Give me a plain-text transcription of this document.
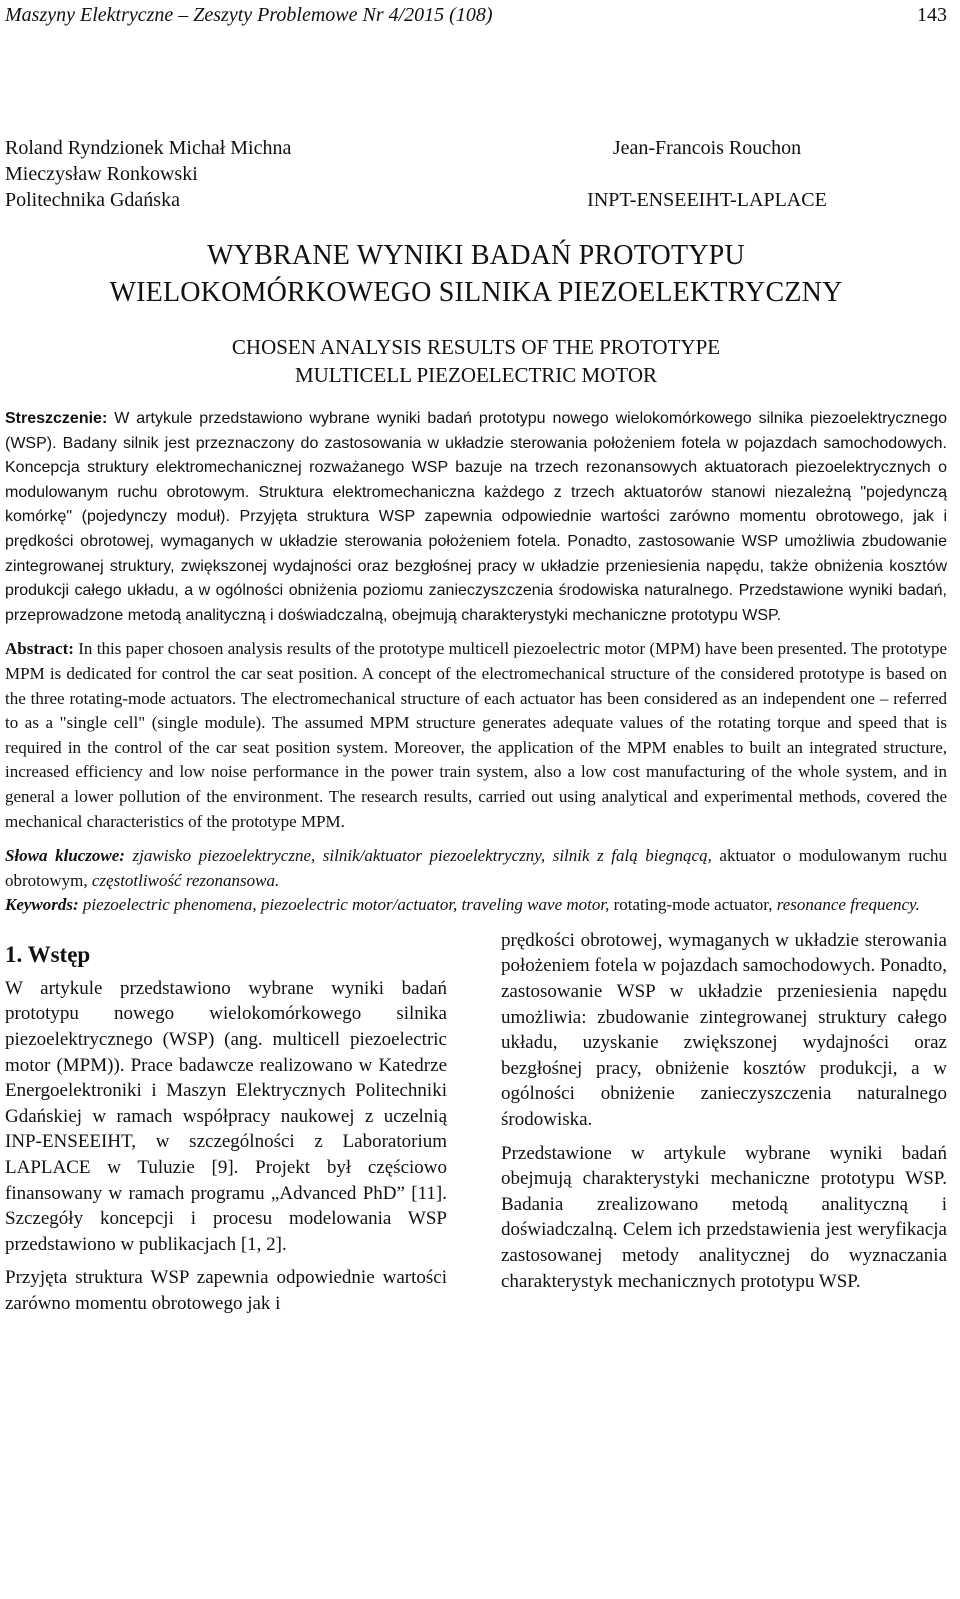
Maszyny Elektryczne – Zeszyty Problemowe Nr 4/2015 (108)	143
Roland Ryndzionek Michał Michna
Mieczysław Ronkowski
Politechnika Gdańska
Jean-Francois Rouchon
INPT-ENSEEIHT-LAPLACE
WYBRANE WYNIKI BADAŃ PROTOTYPU
WIELOKOMÓRKOWEGO SILNIKA PIEZOELEKTRYCZNY
CHOSEN ANALYSIS RESULTS OF THE PROTOTYPE
MULTICELL PIEZOELECTRIC MOTOR
Streszczenie: W artykule przedstawiono wybrane wyniki badań prototypu nowego wielokomórkowego silnika piezoelektrycznego (WSP). Badany silnik jest przeznaczony do zastosowania w układzie sterowania położeniem fotela w pojazdach samochodowych. Koncepcja struktury elektromechanicznej rozważanego WSP bazuje na trzech rezonansowych aktuatorach piezoelektrycznych o modulowanym ruchu obrotowym. Struktura elektromechaniczna każdego z trzech aktuatorów stanowi niezależną "pojedynczą komórkę" (pojedynczy moduł). Przyjęta struktura WSP zapewnia odpowiednie wartości zarówno momentu obrotowego, jak i prędkości obrotowej, wymaganych w układzie sterowania położeniem fotela. Ponadto, zastosowanie WSP umożliwia zbudowanie zintegrowanej struktury, zwiększonej wydajności oraz bezgłośnej pracy w układzie przeniesienia napędu, także obniżenia kosztów produkcji całego układu, a w ogólności obniżenia poziomu zanieczyszczenia środowiska naturalnego. Przedstawione wyniki badań, przeprowadzone metodą analityczną i doświadczalną, obejmują charakterystyki mechaniczne prototypu WSP.
Abstract: In this paper chosoen analysis results of the prototype multicell piezoelectric motor (MPM) have been presented. The prototype MPM is dedicated for control the car seat position. A concept of the electromechanical structure of the considered prototype is based on the three rotating-mode actuators. The electromechanical structure of each actuator has been considered as an independent one – referred to as a "single cell" (single module). The assumed MPM structure generates adequate values of the rotating torque and speed that is required in the control of the car seat position system. Moreover, the application of the MPM enables to built an integrated structure, increased efficiency and low noise performance in the power train system, also a low cost manufacturing of the whole system, and in general a lower pollution of the environment. The research results, carried out using analytical and experimental methods, covered the mechanical characteristics of the prototype MPM.
Słowa kluczowe: zjawisko piezoelektryczne, silnik/aktuator piezoelektryczny, silnik z falą biegnącą, aktuator o modulowanym ruchu obrotowym, częstotliwość rezonansowa.
Keywords: piezoelectric phenomena, piezoelectric motor/actuator, traveling wave motor, rotating-mode actuator, resonance frequency.
1. Wstęp

W artykule przedstawiono wybrane wyniki badań prototypu nowego wielokomórkowego silnika piezoelektrycznego (WSP) (ang. multicell piezoelectric motor (MPM)). Prace badawcze realizowano w Katedrze Energoelektroniki i Maszyn Elektrycznych Politechniki Gdańskiej w ramach współpracy naukowej z uczelnią INP-ENSEEIHT, w szczególności z Laboratorium LAPLACE w Tuluzie [9]. Projekt był częściowo finansowany w ramach programu „Advanced PhD” [11]. Szczegóły koncepcji i procesu modelowania WSP przedstawiono w publikacjach [1, 2].

Przyjęta struktura WSP zapewnia odpowiednie wartości zarówno momentu obrotowego jak i

prędkości obrotowej, wymaganych w układzie sterowania położeniem fotela w pojazdach samochodowych. Ponadto, zastosowanie WSP w układzie przeniesienia napędu umożliwia: zbudowanie zintegrowanej struktury całego układu, uzyskanie zwiększonej wydajności oraz bezgłośnej pracy, obniżenie kosztów produkcji, a w ogólności obniżenie zanieczyszczenia naturalnego środowiska.

Przedstawione w artykule wybrane wyniki badań obejmują charakterystyki mechaniczne prototypu WSP. Badania zrealizowano metodą analityczną i doświadczalną. Celem ich przedstawienia jest weryfikacja zastosowanej metody analitycznej do wyznaczania charakterystyk mechanicznych prototypu WSP.
